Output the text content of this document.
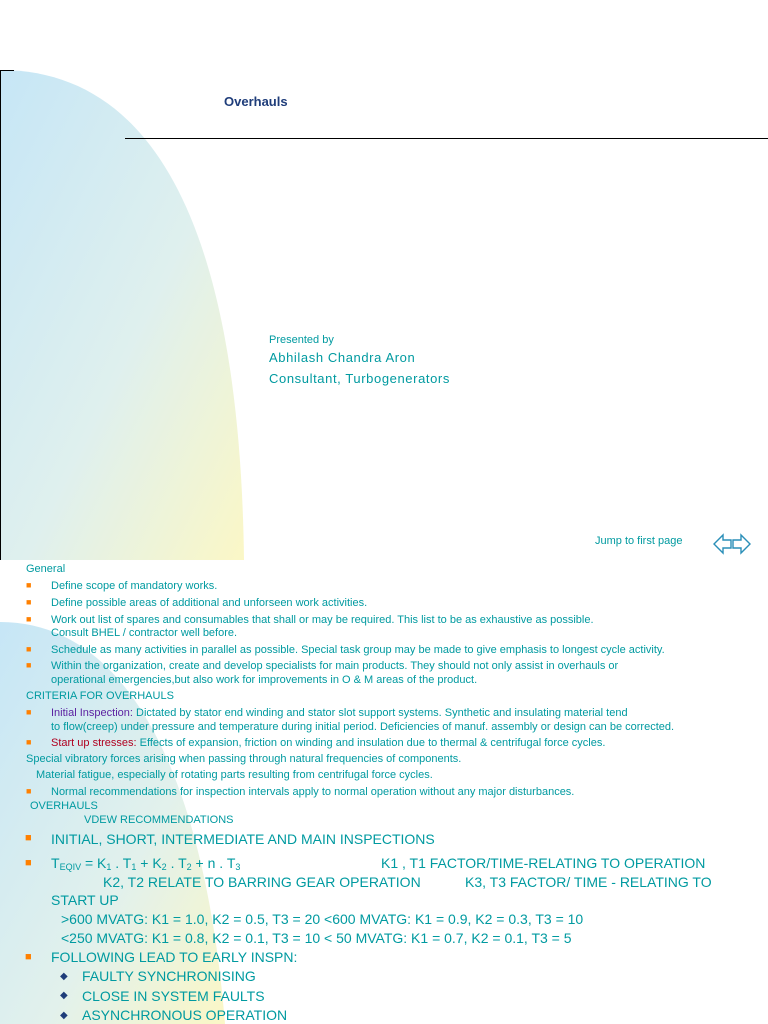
Overhauls
Presented by
Abhilash Chandra Aron
Consultant, Turbogenerators
Jump to first page
General
■ Define scope of mandatory works.
■ Define possible areas of additional and unforseen work activities.
■ Work out list of spares and consumables that shall or may be required. This list to be as exhaustive as possible.
Consult BHEL / contractor well before.
■ Schedule as many activities in parallel as possible. Special task group may be made to give emphasis to longest cycle activity.
■ Within the organization, create and develop specialists for main products. They should not only assist in overhauls or
operational emergencies,but also work for improvements in O & M areas of the product.
CRITERIA FOR OVERHAULS
■ Initial Inspection: Dictated by stator end winding and stator slot support systems. Synthetic and insulating material tend
to flow(creep) under pressure and temperature during initial period. Deficiencies of manuf. assembly or design can be corrected.
■ Start up stresses: Effects of expansion, friction on winding and insulation due to thermal & centrifugal force cycles.
Special vibratory forces arising when passing through natural frequencies of components.
Material fatigue, especially of rotating parts resulting from centrifugal force cycles.
■ Normal recommendations for inspection intervals apply to normal operation without any major disturbances.
OVERHAULS
VDEW RECOMMENDATIONS
■ INITIAL, SHORT, INTERMEDIATE AND MAIN INSPECTIONS
■ $T_{EQIV} = K_1$ . $T_1 + K_2$ . $T_2 + n$ . $T_3$	K1 , T1 FACTOR/TIME-RELATING TO OPERATION
K2, T2 RELATE TO BARRING GEAR OPERATION	K3, T3 FACTOR/ TIME - RELATING TO
START UP
>600 MVATG: K1 = 1.0, K2 = 0.5, T3 = 20 <600 MVATG: K1 = 0.9, K2 = 0.3, T3 = 10
<250 MVATG: K1 = 0.8, K2 = 0.1, T3 = 10 < 50 MVATG: K1 = 0.7, K2 = 0.1, T3 = 5
■ FOLLOWING LEAD TO EARLY INSPN:
◆ FAULTY SYNCHRONISING
◆ CLOSE IN SYSTEM FAULTS
◆ ASYNCHRONOUS OPERATION
